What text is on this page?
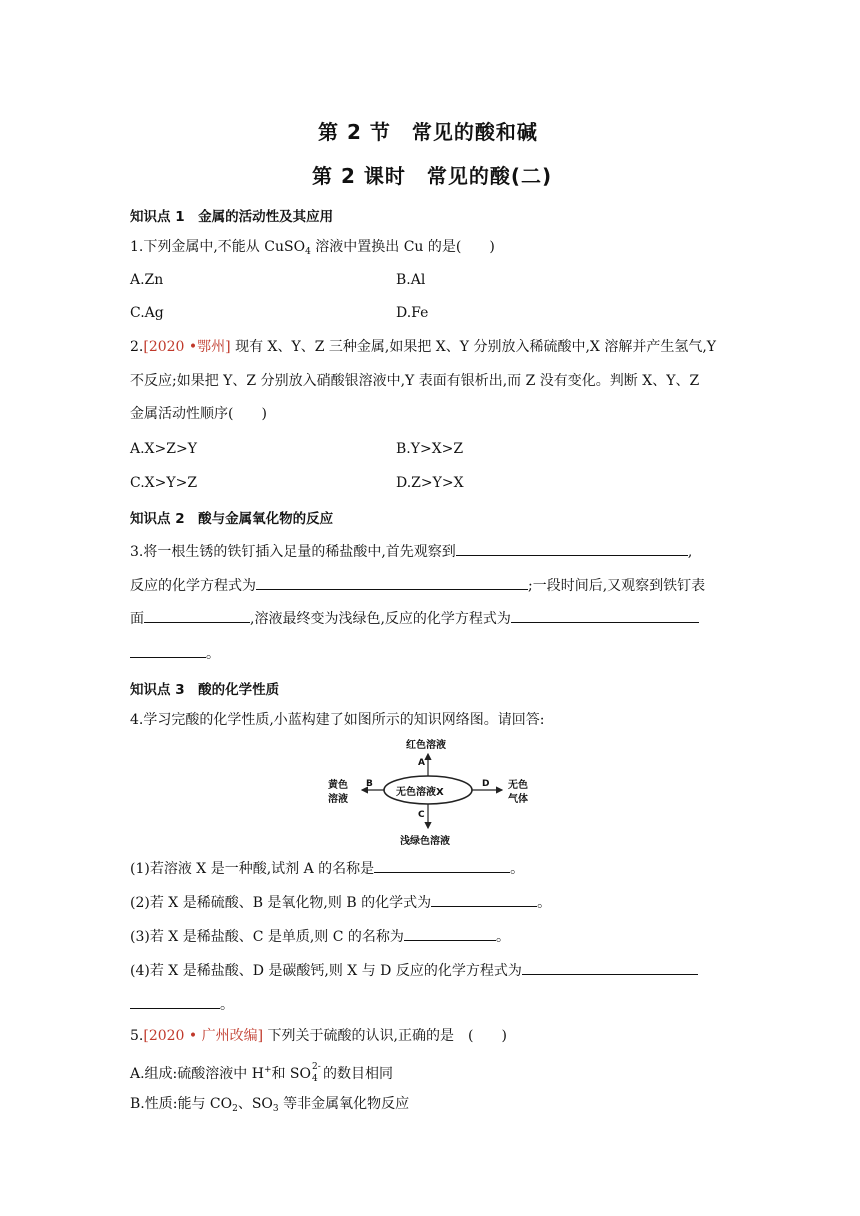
第 2 节　常见的酸和碱
第 2 课时　常见的酸(二)
知识点 1　金属的活动性及其应用
1.下列金属中,不能从 CuSO$_4$ 溶液中置换出 Cu 的是(　　)
A.Zn	B.Al
C.Ag	D.Fe
2.[2020 •鄂州] 现有 X、Y、Z 三种金属,如果把 X、Y 分别放入稀硫酸中,X 溶解并产生氢气,Y
不反应;如果把 Y、Z 分别放入硝酸银溶液中,Y 表面有银析出,而 Z 没有变化。判断 X、Y、Z
金属活动性顺序(　　)
A.X>Z>Y	B.Y>X>Z
C.X>Y>Z	D.Z>Y>X
知识点 2　酸与金属氧化物的反应
3.将一根生锈的铁钉插入足量的稀盐酸中,首先观察到	,
反应的化学方程式为	;一段时间后,又观察到铁钉表
面	,溶液最终变为浅绿色,反应的化学方程式为
。
知识点 3　酸的化学性质
4.学习完酸的化学性质,小蓝构建了如图所示的知识网络图。请回答:
红色溶液
A
无色溶液X
B	D
C
黄色
溶液
无色
气体
浅绿色溶液
(1)若溶液 X 是一种酸,试剂 A 的名称是	。
(2)若 X 是稀硫酸、B 是氧化物,则 B 的化学式为	。
(3)若 X 是稀盐酸、C 是单质,则 C 的名称为	。
(4)若 X 是稀盐酸、D 是碳酸钙,则 X 与 D 反应的化学方程式为
。
5.[2020 • 广州改编] 下列关于硫酸的认识,正确的是　(　　)
A.组成:硫酸溶液中 H+和 SO 2-
4 的数目相同
B.性质:能与 $CO_2$、$SO_3$ 等非金属氧化物反应
